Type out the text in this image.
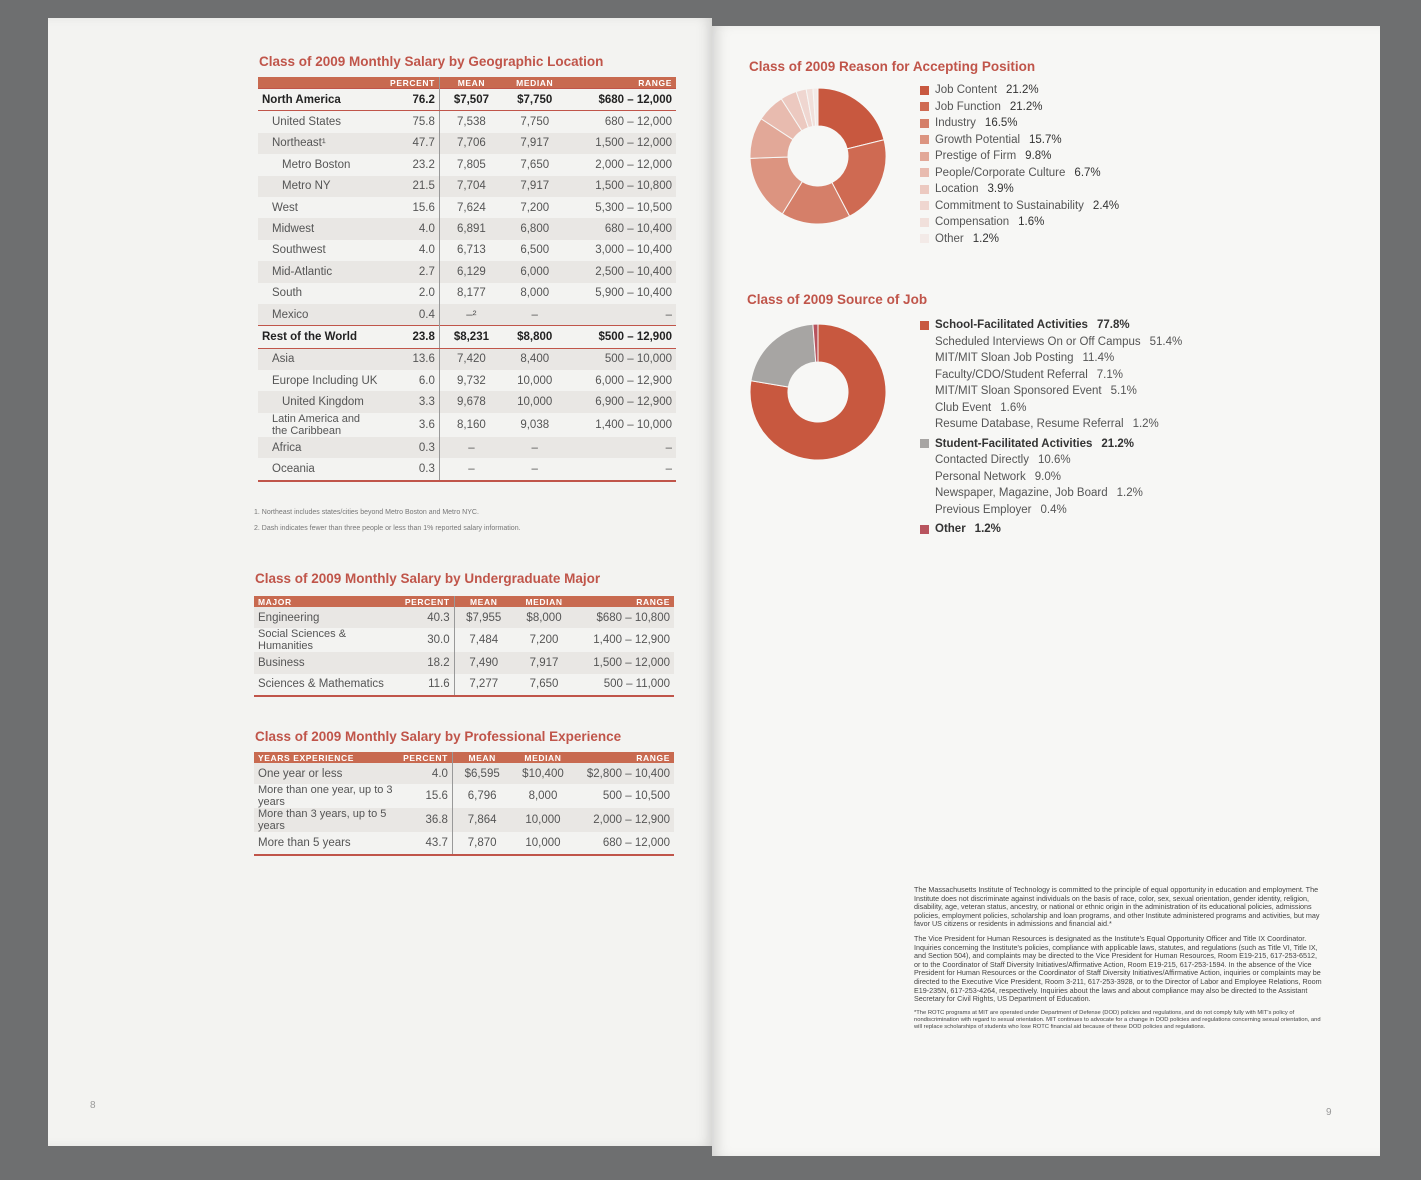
Class of 2009 Monthly Salary by Geographic Location
	PERCENT	MEAN	MEDIAN	RANGE
North America	76.2	$7,507	$7,750	$680 – 12,000
United States	75.8	7,538	7,750	680 – 12,000
Northeast¹	47.7	7,706	7,917	1,500 – 12,000
Metro Boston	23.2	7,805	7,650	2,000 – 12,000
Metro NY	21.5	7,704	7,917	1,500 – 10,800
West	15.6	7,624	7,200	5,300 – 10,500
Midwest	4.0	6,891	6,800	680 – 10,400
Southwest	4.0	6,713	6,500	3,000 – 10,400
Mid-Atlantic	2.7	6,129	6,000	2,500 – 10,400
South	2.0	8,177	8,000	5,900 – 10,400
Mexico	0.4	–²	–	–
Rest of the World	23.8	$8,231	$8,800	$500 – 12,900
Asia	13.6	7,420	8,400	500 – 10,000
Europe Including UK	6.0	9,732	10,000	6,000 – 12,900
United Kingdom	3.3	9,678	10,000	6,900 – 12,900
Latin America and the Caribbean	3.6	8,160	9,038	1,400 – 10,000
Africa	0.3	–	–	–
Oceania	0.3	–	–	–
1. Northeast includes states/cities beyond Metro Boston and Metro NYC.
2. Dash indicates fewer than three people or less than 1% reported salary information.
Class of 2009 Monthly Salary by Undergraduate Major
MAJOR	PERCENT	MEAN	MEDIAN	RANGE
Engineering	40.3	$7,955	$8,000	$680 – 10,800
Social Sciences & Humanities	30.0	7,484	7,200	1,400 – 12,900
Business	18.2	7,490	7,917	1,500 – 12,000
Sciences & Mathematics	11.6	7,277	7,650	500 – 11,000
Class of 2009 Monthly Salary by Professional Experience
YEARS EXPERIENCE	PERCENT	MEAN	MEDIAN	RANGE
One year or less	4.0	$6,595	$10,400	$2,800 – 10,400
More than one year, up to 3 years	15.6	6,796	8,000	500 – 10,500
More than 3 years, up to 5 years	36.8	7,864	10,000	2,000 – 12,900
More than 5 years	43.7	7,870	10,000	680 – 12,000
8
Class of 2009 Reason for Accepting Position
Job Content 21.2%
Job Function 21.2%
Industry 16.5%
Growth Potential 15.7%
Prestige of Firm 9.8%
People/Corporate Culture 6.7%
Location 3.9%
Commitment to Sustainability 2.4%
Compensation 1.6%
Other 1.2%
Class of 2009 Source of Job
School-Facilitated Activities 77.8%
Scheduled Interviews On or Off Campus 51.4%
MIT/MIT Sloan Job Posting 11.4%
Faculty/CDO/Student Referral 7.1%
MIT/MIT Sloan Sponsored Event 5.1%
Club Event 1.6%
Resume Database, Resume Referral 1.2%
Student-Facilitated Activities 21.2%
Contacted Directly 10.6%
Personal Network 9.0%
Newspaper, Magazine, Job Board 1.2%
Previous Employer 0.4%
Other 1.2%

The Massachusetts Institute of Technology is committed to the principle of equal opportunity in education and employment. The Institute does not discriminate against individuals on the basis of race, color, sex, sexual orientation, gender identity, religion, disability, age, veteran status, ancestry, or national or ethnic origin in the administration of its educational policies, admissions policies, employment policies, scholarship and loan programs, and other Institute administered programs and activities, but may favor US citizens or residents in admissions and financial aid.*

The Vice President for Human Resources is designated as the Institute's Equal Opportunity Officer and Title IX Coordinator. Inquiries concerning the Institute's policies, compliance with applicable laws, statutes, and regulations (such as Title VI, Title IX, and Section 504), and complaints may be directed to the Vice President for Human Resources, Room E19-215, 617-253-6512, or to the Coordinator of Staff Diversity Initiatives/Affirmative Action, Room E19-215, 617-253-1594. In the absence of the Vice President for Human Resources or the Coordinator of Staff Diversity Initiatives/Affirmative Action, inquiries or complaints may be directed to the Executive Vice President, Room 3-211, 617-253-3928, or to the Director of Labor and Employee Relations, Room E19-235N, 617-253-4264, respectively. Inquiries about the laws and about compliance may also be directed to the Assistant Secretary for Civil Rights, US Department of Education.

*The ROTC programs at MIT are operated under Department of Defense (DOD) policies and regulations, and do not comply fully with MIT's policy of nondiscrimination with regard to sexual orientation. MIT continues to advocate for a change in DOD policies and regulations concerning sexual orientation, and will replace scholarships of students who lose ROTC financial aid because of these DOD policies and regulations.

9
